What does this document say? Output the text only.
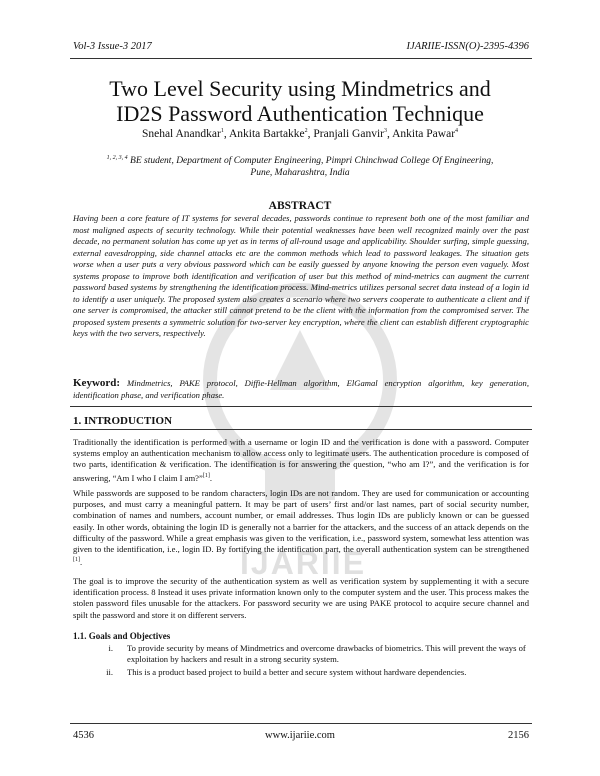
Vol-3 Issue-3 2017	IJARIIE-ISSN(O)-2395-4396
IJARIIE
Two Level Security using Mindmetrics and
ID2S Password Authentication Technique
Snehal Anandkar$^1$, Ankita Bartakke$^2$, Pranjali Ganvir$^3$, Ankita Pawar$^4$
$^{1, 2, 3, 4}$ BE student, Department of Computer Engineering, Pimpri Chinchwad College Of Engineering,
Pune, Maharashtra, India
ABSTRACT
Having been a core feature of IT systems for several decades, passwords continue to represent both one of the most familiar and most maligned aspects of security technology. While their potential weaknesses have been well recognized mainly over the past decade, no permanent solution has come up yet as in terms of all-round usage and applicability. Shoulder surfing, simple guessing, external eavesdropping, side channel attacks etc are the common methods which lead to password leakages. The situation gets worse when a user puts a very obvious password which can be easily guessed by anyone knowing the person even vaguely. Most systems propose to improve both identification and verification of user but this method of mind-metrics can augment the current password based systems by strengthening the identification process. Mind-metrics utilizes personal secret data instead of a login id to identify a user uniquely. The proposed system also creates a scenario where two servers cooperate to authenticate a client and if one server is compromised, the attacker still cannot pretend to be the client with the information from the compromised server. The proposed system presents a symmetric solution for two-server key encryption, where the client can establish different cryptographic keys with the two servers, respectively.
Keyword: Mindmetrics, PAKE protocol, Diffie-Hellman algorithm, ElGamal encryption algorithm, key generation, identification phase, and verification phase.
1. INTRODUCTION
Traditionally the identification is performed with a username or login ID and the verification is done with a password. Computer systems employ an authentication mechanism to allow access only to legitimate users. The authentication procedure is composed of two parts, identification & verification. The identification is for answering the question, “who am I?”, and the verification is for answering, “Am I who I claim I am?”[1].
While passwords are supposed to be random characters, login IDs are not random. They are used for communication or accounting purposes, and must carry a meaningful pattern. It may be part of users’ first and/or last names, part of social security number, combination of names and numbers, account number, or email addresses. Thus login IDs are publicly known or can be guessed easily. In other words, obtaining the login ID is generally not a barrier for the attackers, and the success of an attack depends on the difficulty of the password. While a great emphasis was given to the verification, i.e., password system, somewhat less attention was given to the identification, i.e., login ID. By fortifying the identification part, the overall authentication system can be strengthened [1].
The goal is to improve the security of the authentication system as well as verification system by supplementing it with a secure identification process. 8 Instead it uses private information known only to the computer system and the user. This process makes the stolen password files unusable for the attackers. For password security we are using PAKE protocol to acquire secure channel and spilt the password and store it on different servers.
1.1. Goals and Objectives
i. To provide security by means of Mindmetrics and overcome drawbacks of biometrics. This will prevent the ways of exploitation by hackers and result in a strong security system.
ii. This is a product based project to build a better and secure system without hardware dependencies.
4536	www.ijariie.com	2156
